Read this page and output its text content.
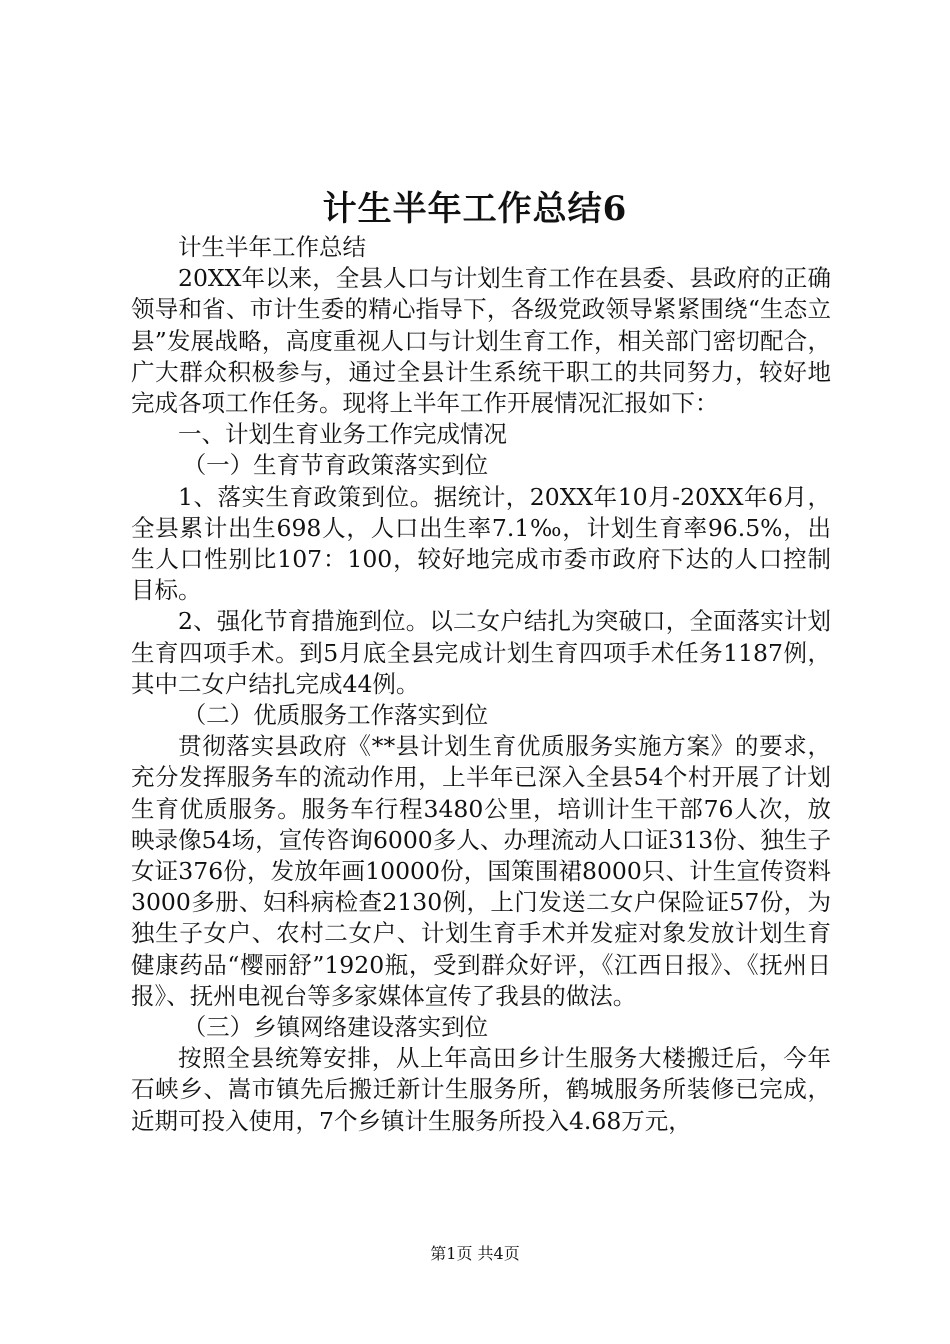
计生半年工作总结6

计生半年工作总结

20XX年以来，全县人口与计划生育工作在县委、县政府的正确领导和省、市计生委的精心指导下，各级党政领导紧紧围绕“生态立县”发展战略，高度重视人口与计划生育工作，相关部门密切配合，广大群众积极参与，通过全县计生系统干职工的共同努力，较好地完成各项工作任务。现将上半年工作开展情况汇报如下：

一、计划生育业务工作完成情况

（一）生育节育政策落实到位

1、落实生育政策到位。据统计，20XX年10月-20XX年6月，全县累计出生698人，人口出生率7.1‰，计划生育率96.5%，出生人口性别比107：100，较好地完成市委市政府下达的人口控制目标。

2、强化节育措施到位。以二女户结扎为突破口，全面落实计划生育四项手术。到5月底全县完成计划生育四项手术任务1187例，其中二女户结扎完成44例。

（二）优质服务工作落实到位

贯彻落实县政府《**县计划生育优质服务实施方案》的要求，充分发挥服务车的流动作用，上半年已深入全县54个村开展了计划生育优质服务。服务车行程3480公里，培训计生干部76人次，放映录像54场，宣传咨询6000多人、办理流动人口证313份、独生子女证376份，发放年画10000份，国策围裙8000只、计生宣传资料3000多册、妇科病检查2130例，上门发送二女户保险证57份，为独生子女户、农村二女户、计划生育手术并发症对象发放计划生育健康药品“樱丽舒”1920瓶，受到群众好评，《江西日报》、《抚州日报》、抚州电视台等多家媒体宣传了我县的做法。

（三）乡镇网络建设落实到位

按照全县统筹安排，从上年高田乡计生服务大楼搬迁后，今年石峡乡、嵩市镇先后搬迁新计生服务所，鹤城服务所装修已完成，近期可投入使用，7个乡镇计生服务所投入4.68万元，

第1页 共4页
